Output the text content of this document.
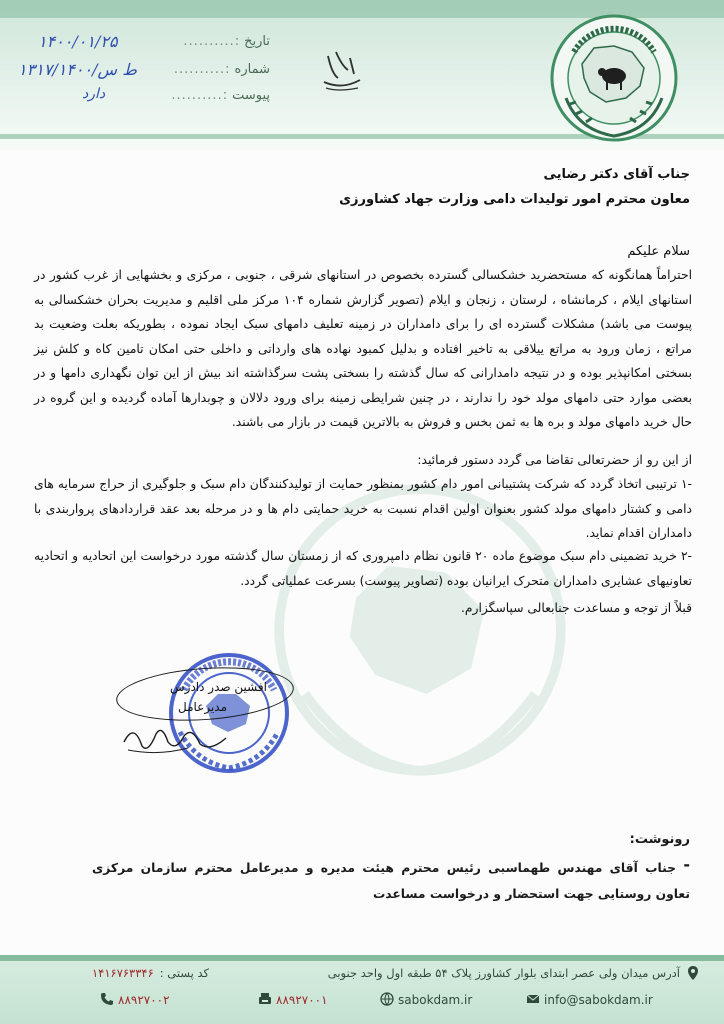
تاریخ:..........
شماره:..........
پیوست:..........
۱۴۰۰/۰۱/۲۵
۱۳۱۷/۱۴۰۰/ط س
دارد
جناب آقای دکتر رضایی
معاون محترم امور تولیدات دامی وزارت جهاد کشاورزی
سلام علیکم
احتراماً همانگونه که مستحضرید خشکسالی گسترده بخصوص در استانهای شرقی ، جنوبی ، مرکزی و بخشهایی از غرب کشور در استانهای ایلام ، کرمانشاه ، لرستان ، زنجان و ایلام (تصویر گزارش شماره ۱۰۴ مرکز ملی اقلیم و مدیریت بحران خشکسالی به پیوست می باشد) مشکلات گسترده ای را برای دامداران در زمینه تعلیف دامهای سبک ایجاد نموده ، بطوریکه بعلت وضعیت بد مراتع ، زمان ورود به مراتع ییلاقی به تاخیر افتاده و بدلیل کمبود نهاده های وارداتی و داخلی حتی امکان تامین کاه و کلش نیز بسختی امکانپذیر بوده و در نتیجه دامدارانی که سال گذشته را بسختی پشت سرگذاشته اند بیش از این توان نگهداری دامها و در بعضی موارد حتی دامهای مولد خود را ندارند ، در چنین شرایطی زمینه برای ورود دلالان و چوبدارها آماده گردیده و این گروه در حال خرید دامهای مولد و بره ها به ثمن بخس و فروش به بالاترین قیمت در بازار می باشند.
از این رو از حضرتعالی تقاضا می گردد دستور فرمائید:
-۱ ترتیبی اتخاذ گردد که شرکت پشتیبانی امور دام کشور بمنظور حمایت از تولیدکنندگان دام سبک و جلوگیری از حراج سرمایه های دامی و کشتار دامهای مولد کشور بعنوان اولین اقدام نسبت به خرید حمایتی دام ها و در مرحله بعد عقد قراردادهای پرواربندی با دامداران اقدام نماید.
-۲ خرید تضمینی دام سبک موضوع ماده ۲۰ قانون نظام دامپروری که از زمستان سال گذشته مورد درخواست این اتحادیه و اتحادیه تعاونیهای عشایری دامداران متحرک ایرانیان بوده (تصاویر پیوست) بسرعت عملیاتی گردد.
قبلاً از توجه و مساعدت جنابعالی سپاسگزارم.
افشین صدر دادرس
مدیرعامل
رونوشت:
-
جناب آقای مهندس طهماسبی رئیس محترم هیئت مدیره و مدیرعامل محترم سازمان مرکزی تعاون روستایی جهت استحضار و درخواست مساعدت
آدرس میدان ولی عصر ابتدای بلوار کشاورز پلاک ۵۴ طبقه اول واحد جنوبی
کد پستی :۱۴۱۶۷۶۳۳۴۶
۸۸۹۲۷۰۰۲	۸۸۹۲۷۰۰۱	sabokdam.ir	info@sabokdam.ir
